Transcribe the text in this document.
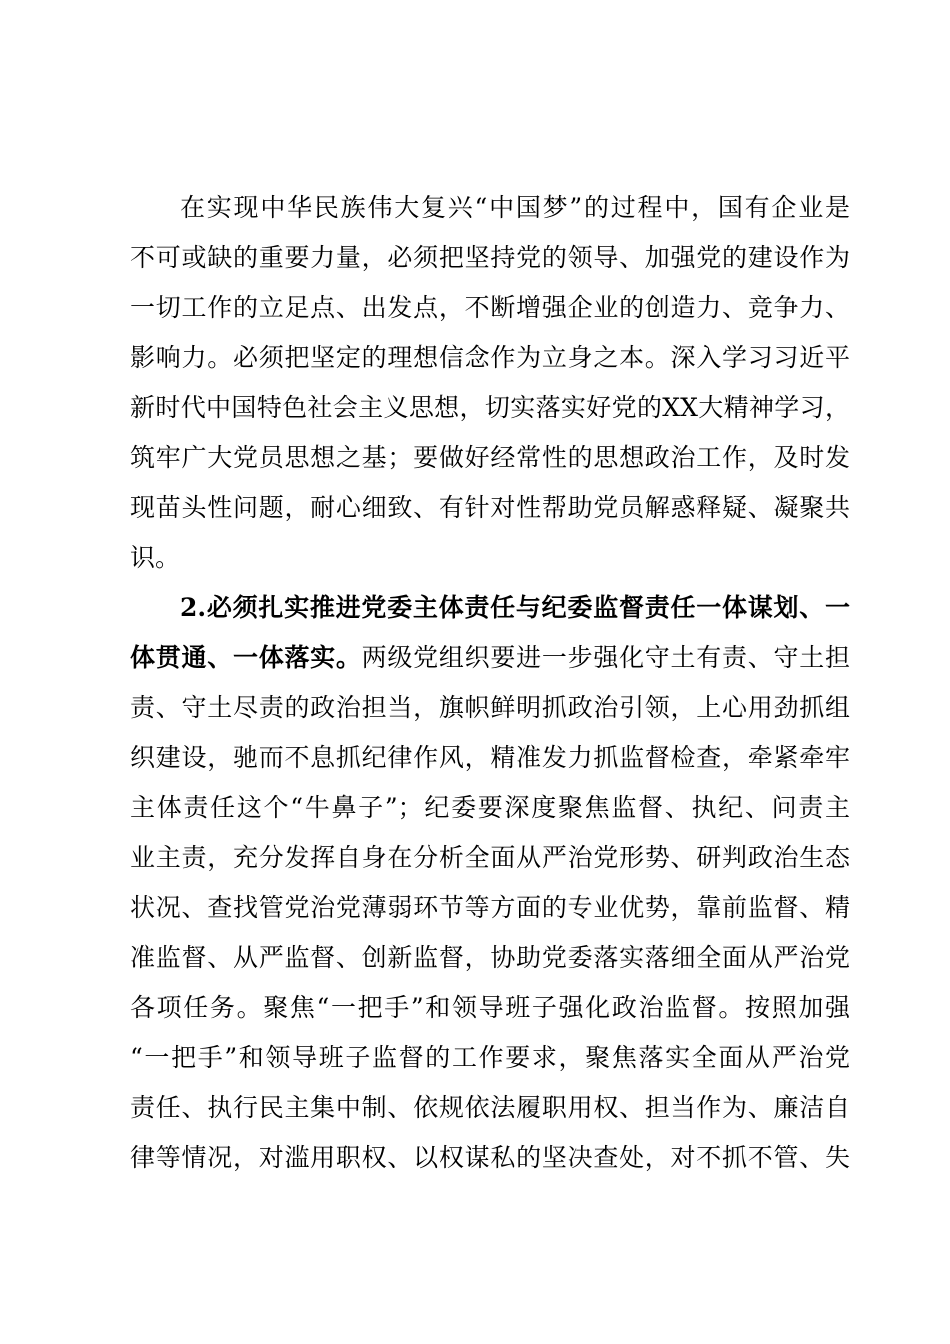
在实现中华民族伟大复兴“中国梦”的过程中，国有企业是
不可或缺的重要力量，必须把坚持党的领导、加强党的建设作为
一切工作的立足点、出发点，不断增强企业的创造力、竞争力、
影响力。必须把坚定的理想信念作为立身之本。深入学习习近平
新时代中国特色社会主义思想，切实落实好党的XX大精神学习，
筑牢广大党员思想之基；要做好经常性的思想政治工作，及时发
现苗头性问题，耐心细致、有针对性帮助党员解惑释疑、凝聚共
识。
2.必须扎实推进党委主体责任与纪委监督责任一体谋划、一
体贯通、一体落实。两级党组织要进一步强化守土有责、守土担
责、守土尽责的政治担当，旗帜鲜明抓政治引领，上心用劲抓组
织建设，驰而不息抓纪律作风，精准发力抓监督检查，牵紧牵牢
主体责任这个“牛鼻子”；纪委要深度聚焦监督、执纪、问责主
业主责，充分发挥自身在分析全面从严治党形势、研判政治生态
状况、查找管党治党薄弱环节等方面的专业优势，靠前监督、精
准监督、从严监督、创新监督，协助党委落实落细全面从严治党
各项任务。聚焦“一把手”和领导班子强化政治监督。按照加强
“一把手”和领导班子监督的工作要求，聚焦落实全面从严治党
责任、执行民主集中制、依规依法履职用权、担当作为、廉洁自
律等情况，对滥用职权、以权谋私的坚决查处，对不抓不管、失
